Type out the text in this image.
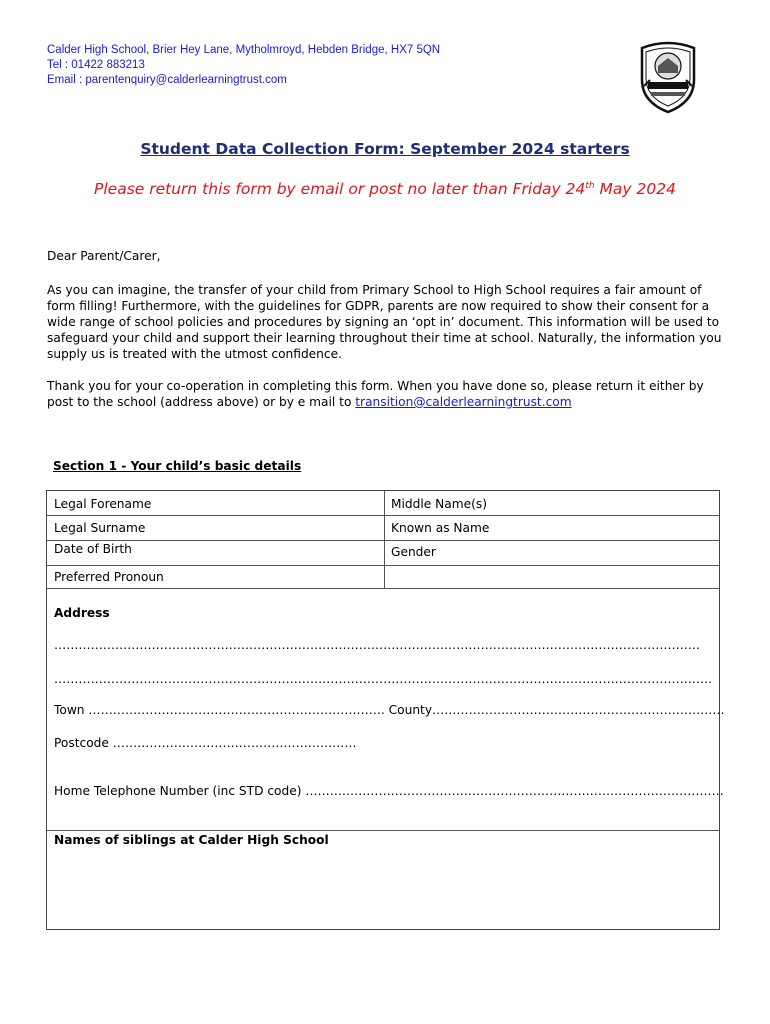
Calder High School, Brier Hey Lane, Mytholmroyd, Hebden Bridge, HX7 5QN
Tel : 01422 883213
Email : parentenquiry@calderlearningtrust.com
Student Data Collection Form: September 2024 starters
Please return this form by email or post no later than Friday 24th May 2024
Dear Parent/Carer,
As you can imagine, the transfer of your child from Primary School to High School requires a fair amount of form filling! Furthermore, with the guidelines for GDPR, parents are now required to show their consent for a wide range of school policies and procedures by signing an ‘opt in’ document. This information will be used to safeguard your child and support their learning throughout their time at school. Naturally, the information you supply us is treated with the utmost confidence.
Thank you for your co-operation in completing this form. When you have done so, please return it either by post to the school (address above) or by e mail to transition@calderlearningtrust.com
Section 1 - Your child’s basic details
Legal Forename	Middle Name(s)
Legal Surname	Known as Name
Date of Birth	Gender
Preferred Pronoun
Address
……………………………………………………………………………………………………………………………………………
………………………………………………………………………………………………………………………………………………
Town ………………………………………………………………. County………………………………………………………………
Postcode ……………………………………………………
Home Telephone Number (inc STD code) ………………………………………………………………………………………….
Names of siblings at Calder High School
